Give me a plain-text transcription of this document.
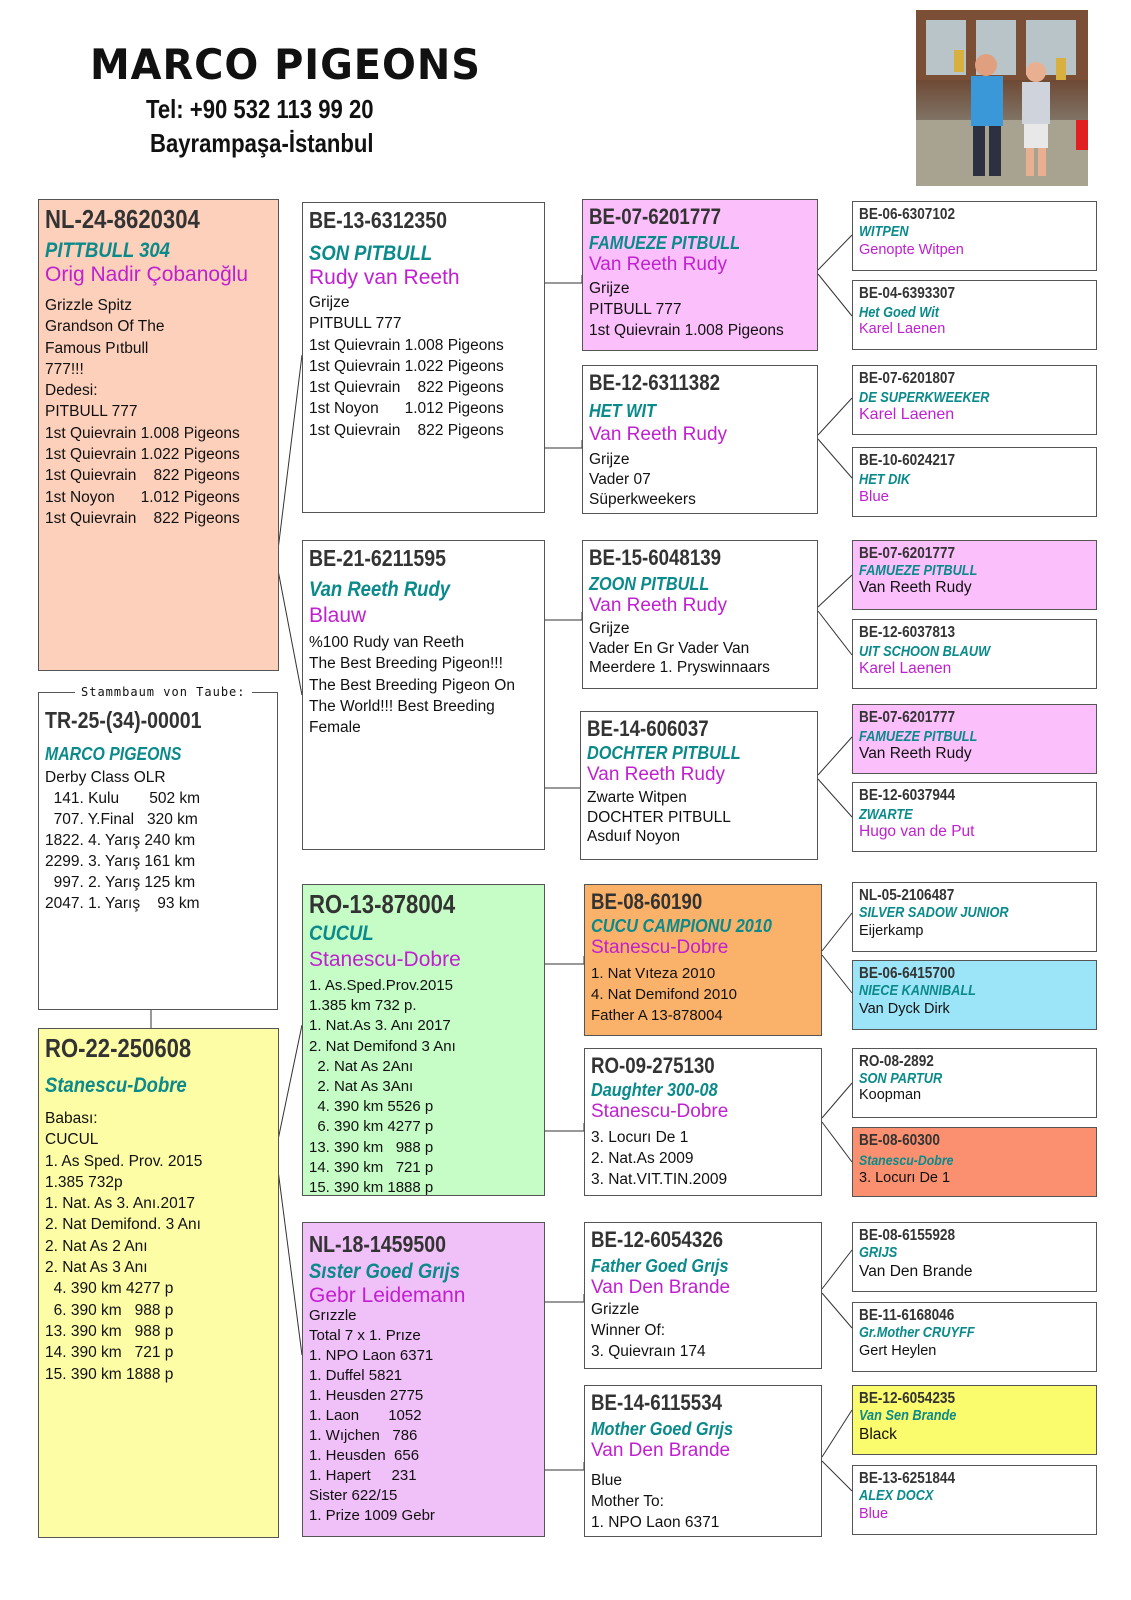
MARCO PIGEONS
Tel: +90 532 113 99 20
Bayrampaşa-İstanbul
NL-24-8620304
PITTBULL 304
Orig Nadir Çobanoğlu
Grizzle Spitz
Grandson Of The
Famous Pıtbull
777!!!
Dedesi:
PITBULL 777
1st Quievrain 1.008 Pigeons
1st Quievrain 1.022 Pigeons
1st Quievrain    822 Pigeons
1st Noyon      1.012 Pigeons
1st Quievrain    822 Pigeons
TR-25-(34)-00001
MARCO PIGEONS
Derby Class OLR
141. Kulu       502 km
707. Y.Final   320 km
1822. 4. Yarış 240 km
2299. 3. Yarış 161 km
997. 2. Yarış 125 km
2047. 1. Yarış    93 km
Stammbaum von Taube:
RO-22-250608
Stanescu-Dobre
Babası:
CUCUL
1. As Sped. Prov. 2015
1.385 732p
1. Nat. As 3. Anı.2017
2. Nat Demifond. 3 Anı
2. Nat As 2 Anı
2. Nat As 3 Anı
4. 390 km 4277 p
6. 390 km   988 p
13. 390 km   988 p
14. 390 km   721 p
15. 390 km 1888 p
BE-13-6312350
SON PITBULL
Rudy van Reeth
Grijze
PITBULL 777
1st Quievrain 1.008 Pigeons
1st Quievrain 1.022 Pigeons
1st Quievrain    822 Pigeons
1st Noyon      1.012 Pigeons
1st Quievrain    822 Pigeons
BE-21-6211595
Van Reeth Rudy
Blauw
%100 Rudy van Reeth
The Best Breeding Pigeon!!!
The Best Breeding Pigeon On
The World!!! Best Breeding
Female
RO-13-878004
CUCUL
Stanescu-Dobre
1. As.Sped.Prov.2015
1.385 km 732 p.
1. Nat.As 3. Anı 2017
2. Nat Demifond 3 Anı
2. Nat As 2Anı
2. Nat As 3Anı
4. 390 km 5526 p
6. 390 km 4277 p
13. 390 km   988 p
14. 390 km   721 p
15. 390 km 1888 p
NL-18-1459500
Sıster Goed Grıjs
Gebr Leidemann
Grızzle
Total 7 x 1. Prıze
1. NPO Laon 6371
1. Duffel 5821
1. Heusden 2775
1. Laon       1052
1. Wıjchen   786
1. Heusden  656
1. Hapert     231
Sister 622/15
1. Prize 1009 Gebr
BE-07-6201777
FAMUEZE PITBULL
Van Reeth Rudy
Grijze
PITBULL 777
1st Quievrain 1.008 Pigeons
BE-12-6311382
HET WIT
Van Reeth Rudy
Grijze
Vader 07
Süperkweekers
BE-15-6048139
ZOON PITBULL
Van Reeth Rudy
Grijze
Vader En Gr Vader Van
Meerdere 1. Pryswinnaars
BE-14-606037
DOCHTER PITBULL
Van Reeth Rudy
Zwarte Witpen
DOCHTER PITBULL
Asduıf Noyon
BE-08-60190
CUCU CAMPIONU 2010
Stanescu-Dobre
1. Nat Vıteza 2010
4. Nat Demifond 2010
Father A 13-878004
RO-09-275130
Daughter 300-08
Stanescu-Dobre
3. Locurı De 1
2. Nat.As 2009
3. Nat.VIT.TIN.2009
BE-12-6054326
Father Goed Grıjs
Van Den Brande
Grizzle
Winner Of:
3. Quievraın 174
BE-14-6115534
Mother Goed Grıjs
Van Den Brande
Blue
Mother To:
1. NPO Laon 6371
BE-06-6307102
WITPEN
Genopte Witpen
BE-04-6393307
Het Goed Wit
Karel Laenen
BE-07-6201807
DE SUPERKWEEKER
Karel Laenen
BE-10-6024217
HET DIK
Blue
BE-07-6201777
FAMUEZE PITBULL
Van Reeth Rudy
BE-12-6037813
UIT SCHOON BLAUW
Karel Laenen
BE-07-6201777
FAMUEZE PITBULL
Van Reeth Rudy
BE-12-6037944
ZWARTE
Hugo van de Put
NL-05-2106487
SILVER SADOW JUNIOR
Eijerkamp
BE-06-6415700
NIECE KANNIBALL
Van Dyck Dirk
RO-08-2892
SON PARTUR
Koopman
BE-08-60300
Stanescu-Dobre
3. Locurı De 1
BE-08-6155928
GRIJS
Van Den Brande
BE-11-6168046
Gr.Mother CRUYFF
Gert Heylen
BE-12-6054235
Van Sen Brande
Black
BE-13-6251844
ALEX DOCX
Blue
